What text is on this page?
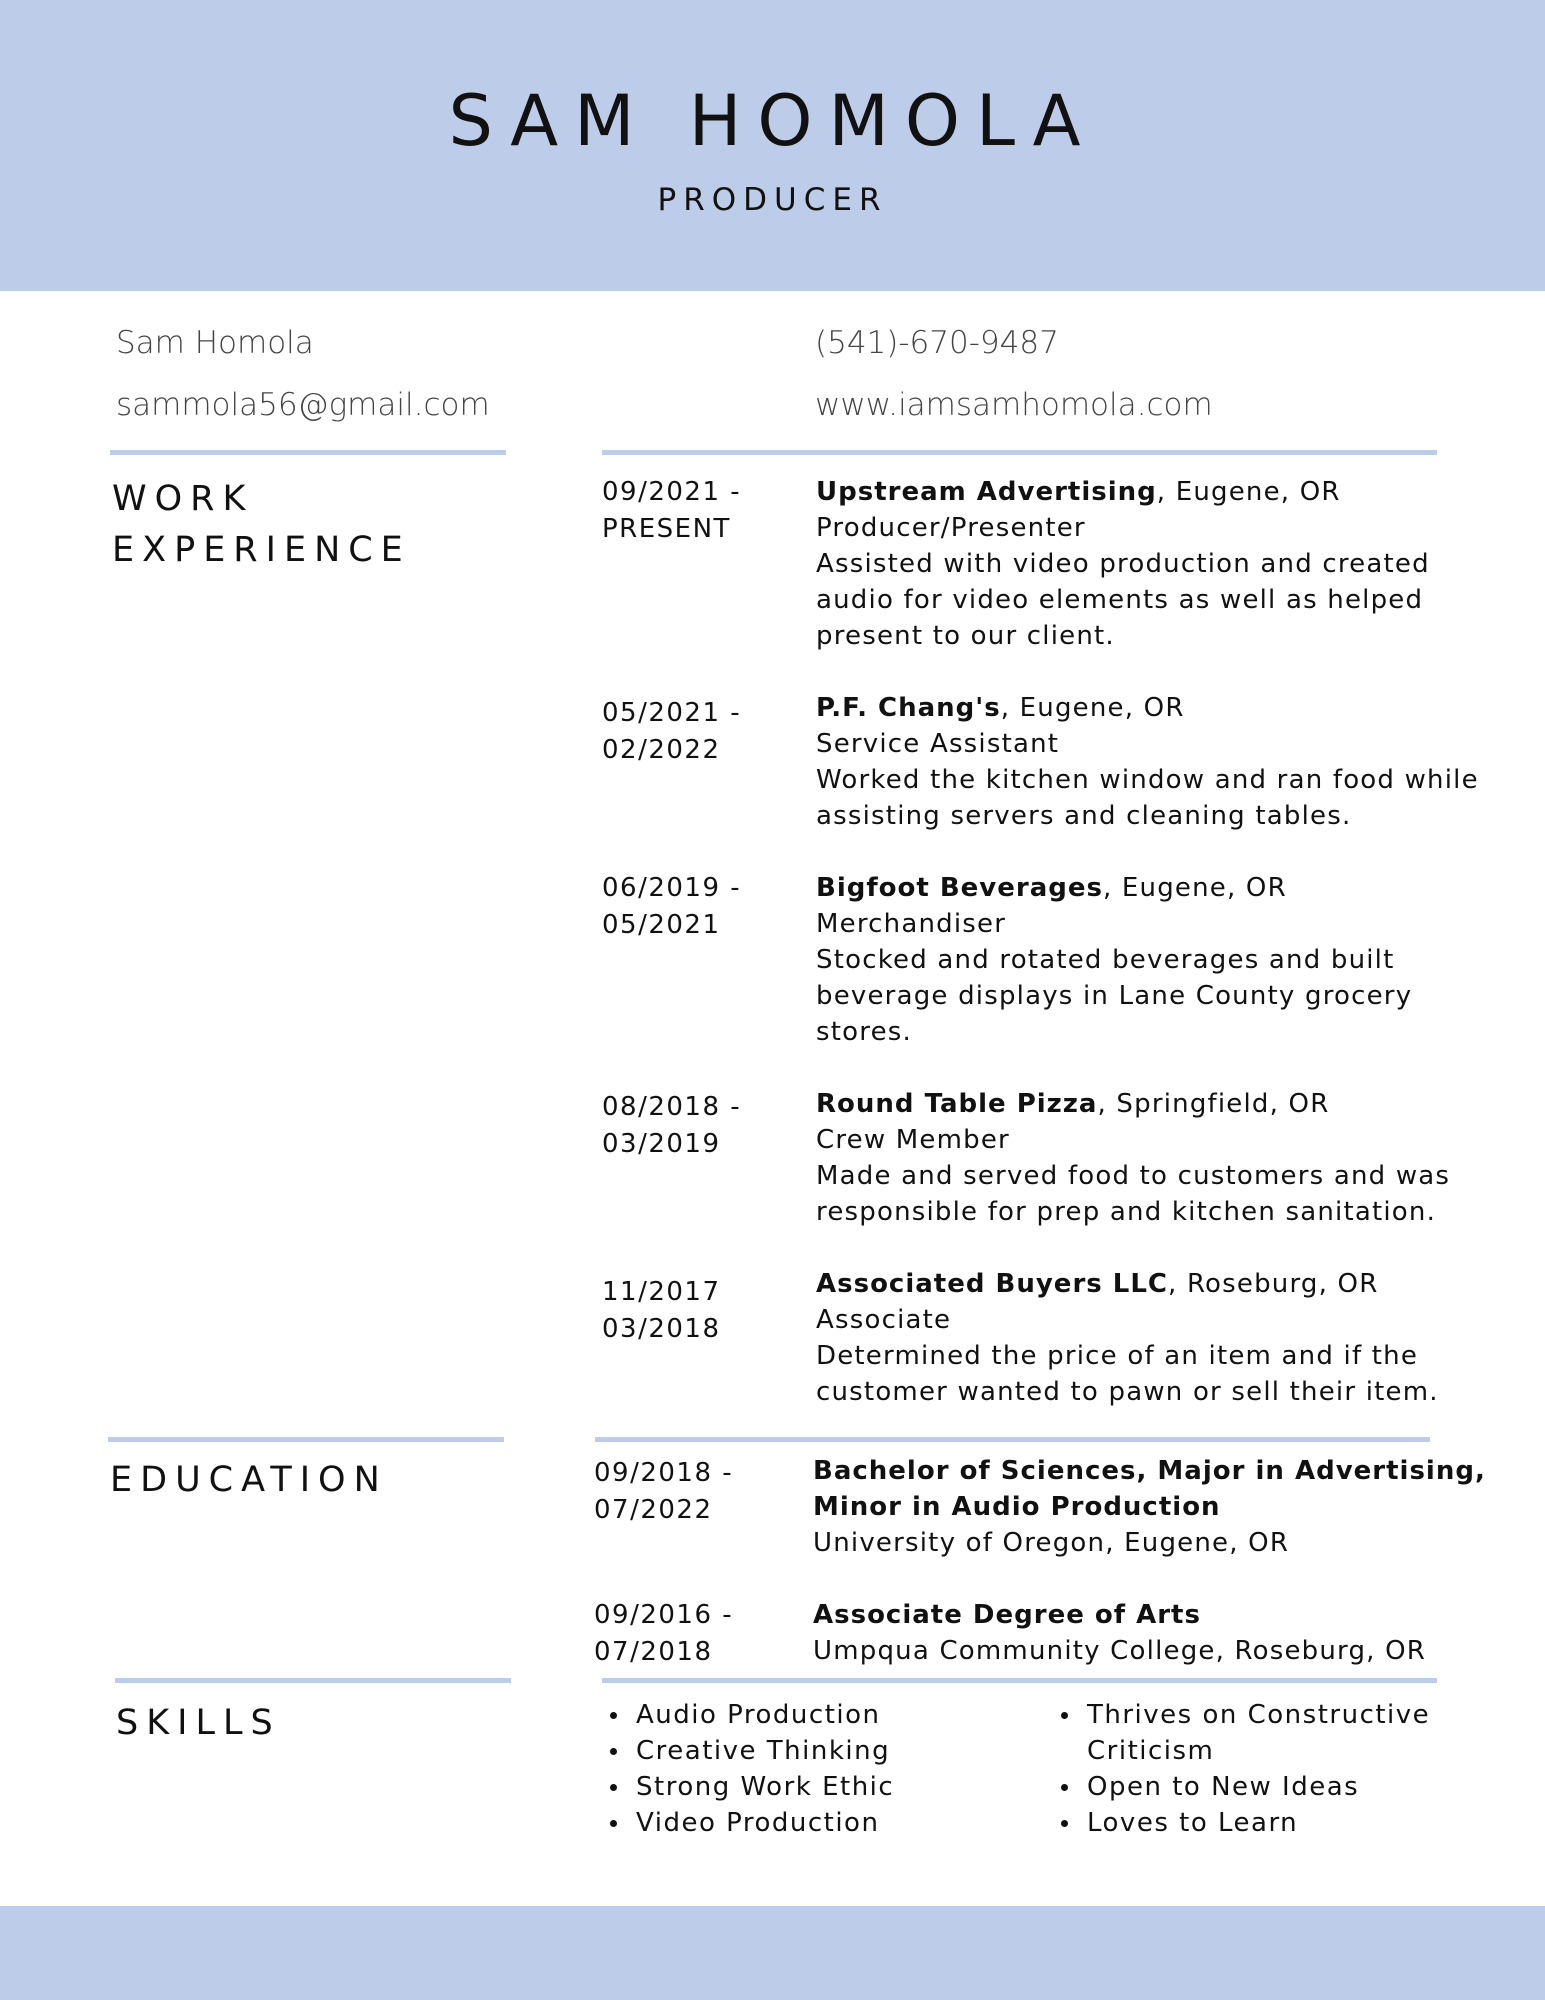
SAM HOMOLA
PRODUCER
Sam Homola
sammola56@gmail.com
(541)-670-9487
www.iamsamhomola.com
WORK
EXPERIENCE
09/2021 -
PRESENT
Upstream Advertising, Eugene, OR
Producer/Presenter
Assisted with video production and created
audio for video elements as well as helped
present to our client.
05/2021 -
02/2022
P.F. Chang's, Eugene, OR
Service Assistant
Worked the kitchen window and ran food while
assisting servers and cleaning tables.
06/2019 -
05/2021
Bigfoot Beverages, Eugene, OR
Merchandiser
Stocked and rotated beverages and built
beverage displays in Lane County grocery
stores.
08/2018 -
03/2019
Round Table Pizza, Springfield, OR
Crew Member
Made and served food to customers and was
responsible for prep and kitchen sanitation.
11/2017
03/2018
Associated Buyers LLC, Roseburg, OR
Associate
Determined the price of an item and if the
customer wanted to pawn or sell their item.
EDUCATION	09/2018 -
07/2022
Bachelor of Sciences, Major in Advertising,
Minor in Audio Production
University of Oregon, Eugene, OR
09/2016 -
07/2018
Associate Degree of Arts
Umpqua Community College, Roseburg, OR
SKILLS	Audio Production
Creative Thinking
Strong Work Ethic
Video Production
Thrives on Constructive
Criticism
Open to New Ideas
Loves to Learn
